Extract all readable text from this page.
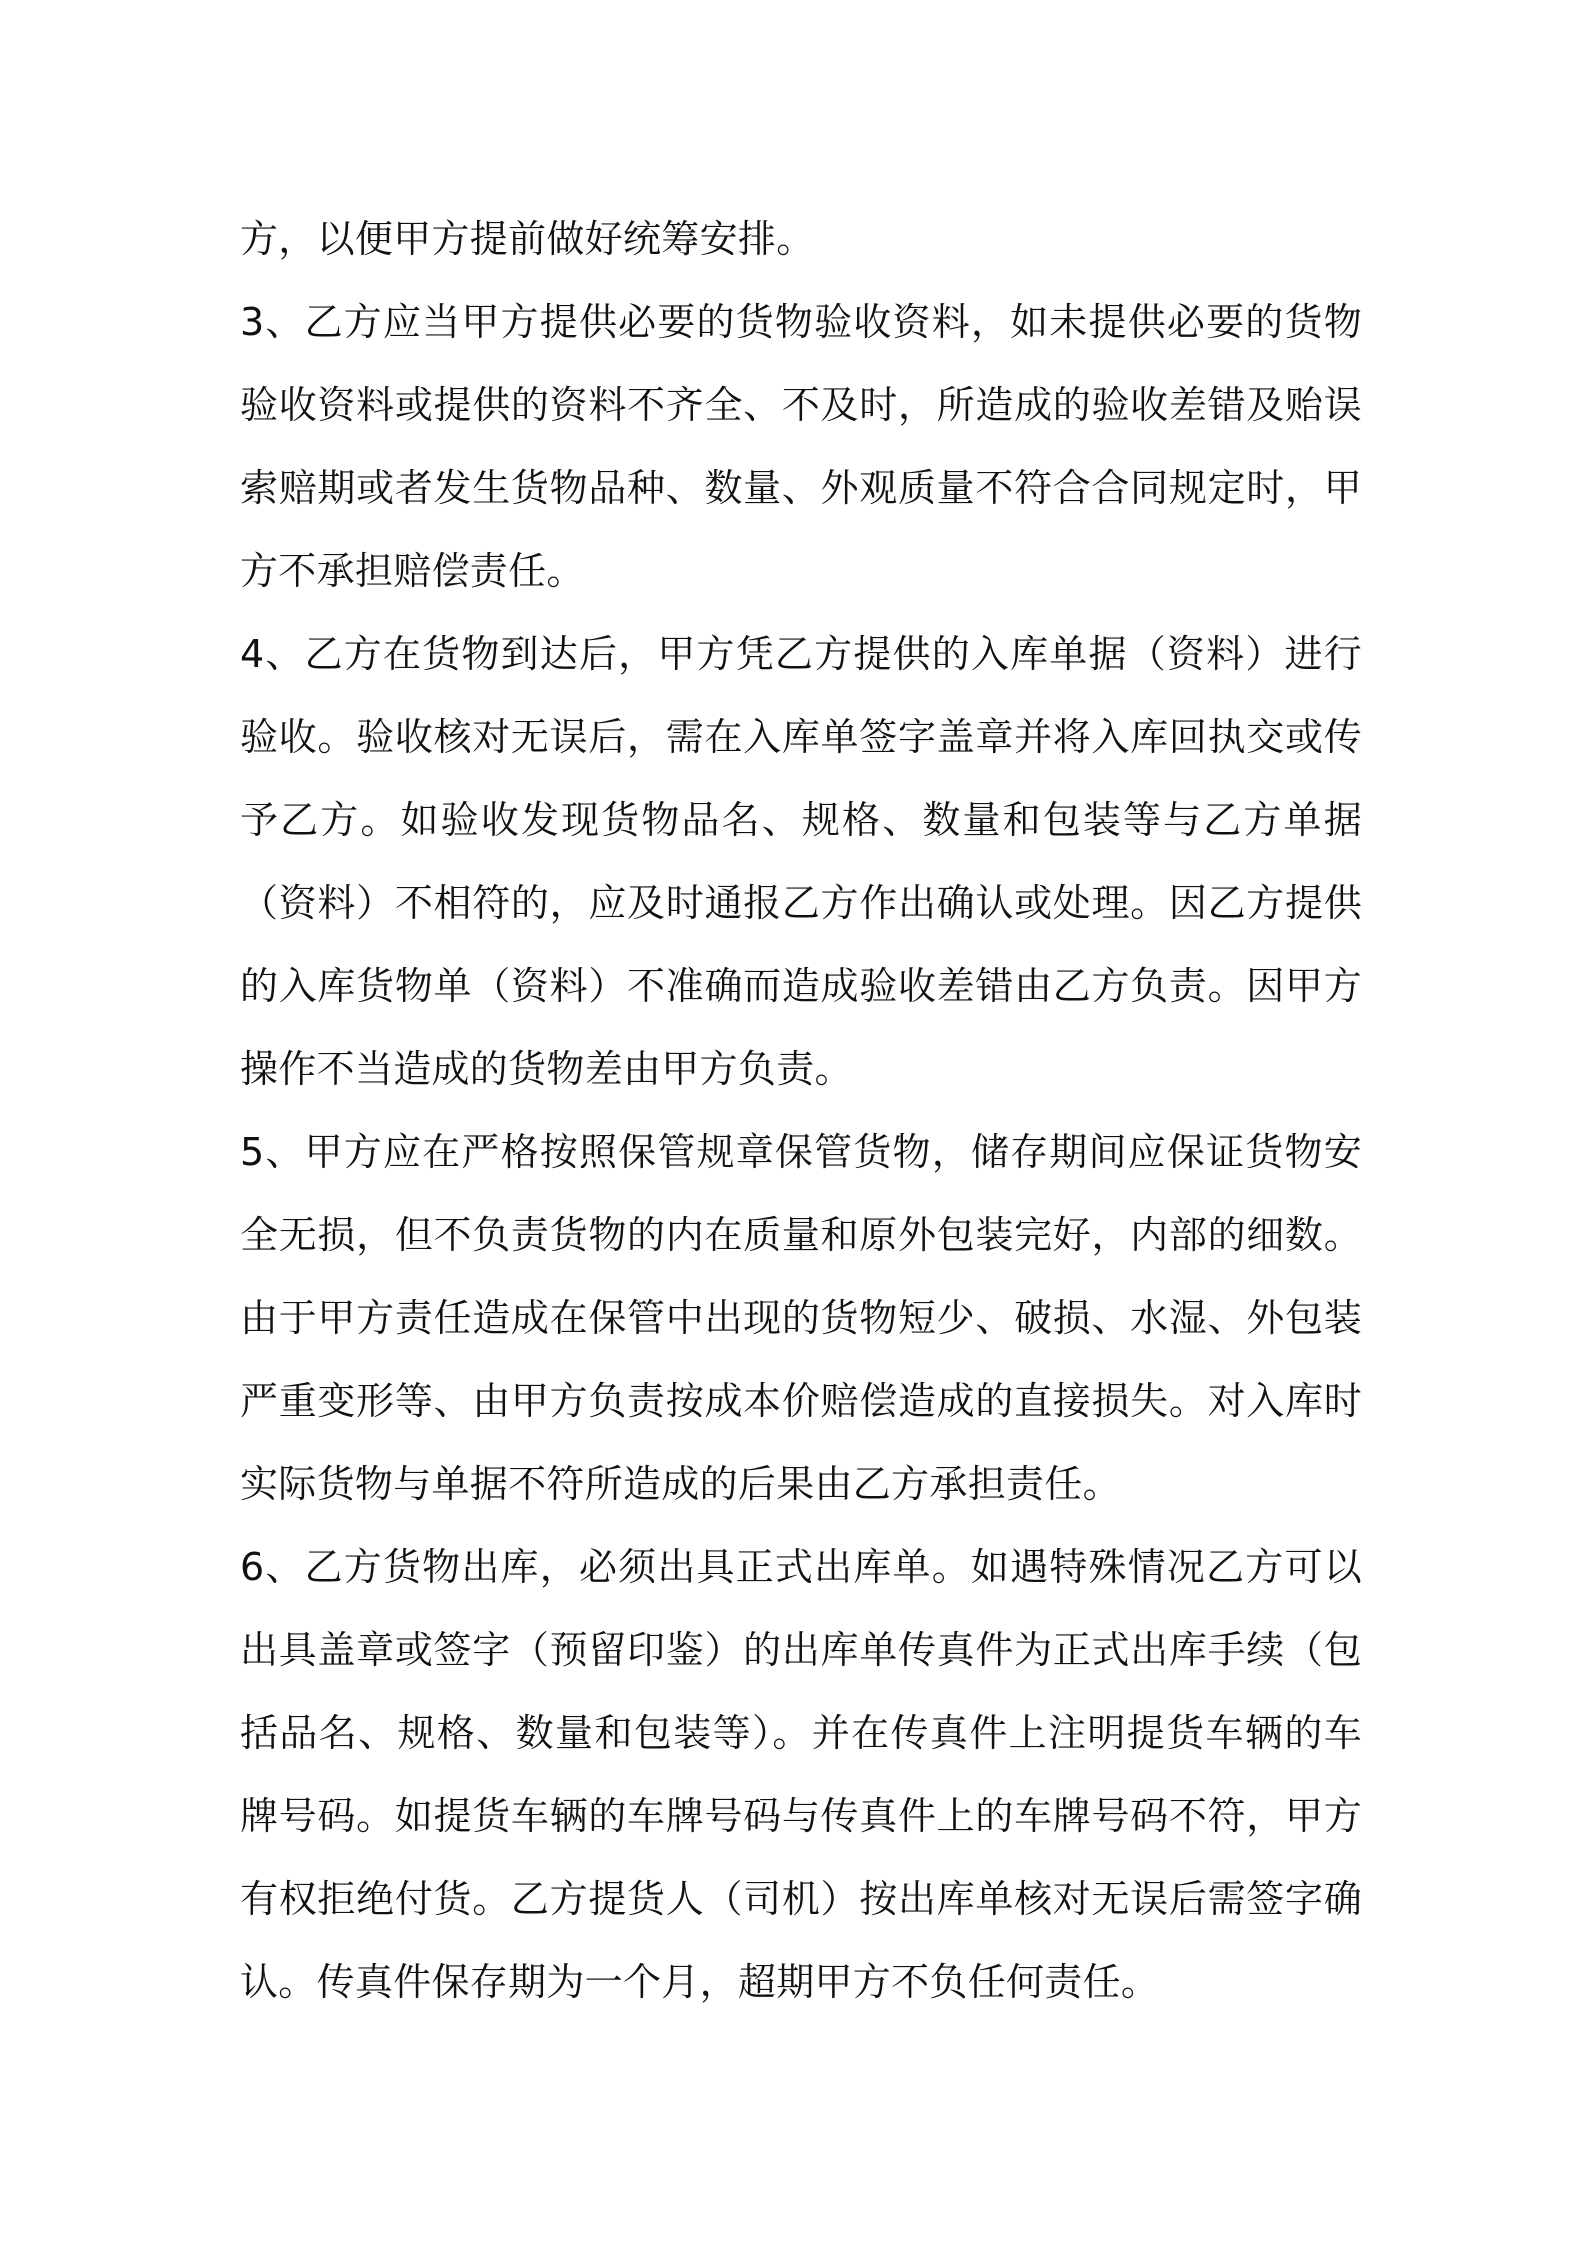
方，以便甲方提前做好统筹安排。

3、乙方应当甲方提供必要的货物验收资料，如未提供必要的货物验收资料或提供的资料不齐全、不及时，所造成的验收差错及贻误索赔期或者发生货物品种、数量、外观质量不符合合同规定时，甲方不承担赔偿责任。

4、乙方在货物到达后，甲方凭乙方提供的入库单据（资料）进行验收。验收核对无误后，需在入库单签字盖章并将入库回执交或传予乙方。如验收发现货物品名、规格、数量和包装等与乙方单据（资料）不相符的，应及时通报乙方作出确认或处理。因乙方提供的入库货物单（资料）不准确而造成验收差错由乙方负责。因甲方操作不当造成的货物差由甲方负责。

5、甲方应在严格按照保管规章保管货物，储存期间应保证货物安全无损，但不负责货物的内在质量和原外包装完好，内部的细数。由于甲方责任造成在保管中出现的货物短少、破损、水湿、外包装严重变形等、由甲方负责按成本价赔偿造成的直接损失。对入库时实际货物与单据不符所造成的后果由乙方承担责任。

6、乙方货物出库，必须出具正式出库单。如遇特殊情况乙方可以出具盖章或签字（预留印鉴）的出库单传真件为正式出库手续（包括品名、规格、数量和包装等）。并在传真件上注明提货车辆的车牌号码。如提货车辆的车牌号码与传真件上的车牌号码不符，甲方有权拒绝付货。乙方提货人（司机）按出库单核对无误后需签字确认。传真件保存期为一个月，超期甲方不负任何责任。
